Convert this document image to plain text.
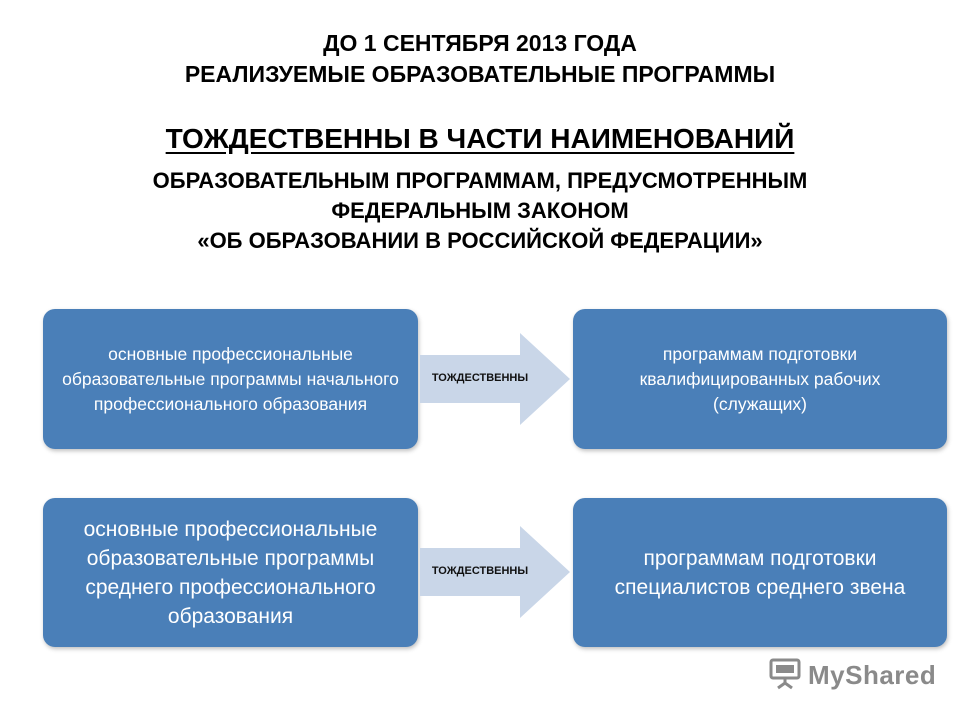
ДО 1 СЕНТЯБРЯ 2013 ГОДА
РЕАЛИЗУЕМЫЕ ОБРАЗОВАТЕЛЬНЫЕ ПРОГРАММЫ
ТОЖДЕСТВЕННЫ В ЧАСТИ НАИМЕНОВАНИЙ
ОБРАЗОВАТЕЛЬНЫМ ПРОГРАММАМ, ПРЕДУСМОТРЕННЫМ
ФЕДЕРАЛЬНЫМ ЗАКОНОМ
«ОБ ОБРАЗОВАНИИ В РОССИЙСКОЙ ФЕДЕРАЦИИ»
основные профессиональные образовательные программы начального профессионального образования
ТОЖДЕСТВЕННЫ
программам подготовки квалифицированных рабочих (служащих)
основные профессиональные образовательные программы среднего профессионального образования
ТОЖДЕСТВЕННЫ
программам подготовки специалистов среднего звена
MyShared
